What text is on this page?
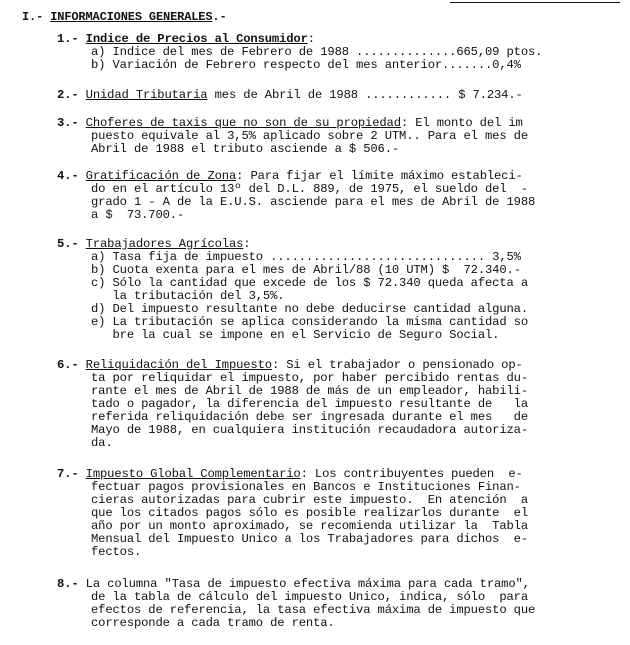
I.- INFORMACIONES GENERALES.-
1.- Indice de Precios al Consumidor:
a) Indice del mes de Febrero de 1988 ..............665,09 ptos.
b) Variación de Febrero respecto del mes anterior.......0,4%
2.- Unidad Tributaria mes de Abril de 1988 ............ $ 7.234.-
3.- Choferes de taxis que no son de su propiedad: El monto del im
puesto equivale al 3,5% aplicado sobre 2 UTM.. Para el mes de
Abril de 1988 el tributo asciende a $ 506.-
4.- Gratificación de Zona: Para fijar el límite máximo estableci-
do en el artículo 13º del D.L. 889, de 1975, el sueldo del  -
grado 1 - A de la E.U.S. asciende para el mes de Abril de 1988
a $  73.700.-
5.- Trabajadores Agrícolas:
a) Tasa fija de impuesto .............................. 3,5%
b) Cuota exenta para el mes de Abril/88 (10 UTM) $  72.340.-
c) Sólo la cantidad que excede de los $ 72.340 queda afecta a
la tributación del 3,5%.
d) Del impuesto resultante no debe deducirse cantidad alguna.
e) La tributación se aplica considerando la misma cantidad so
bre la cual se impone en el Servicio de Seguro Social.
6.- Reliquidación del Impuesto: Si el trabajador o pensionado op-
ta por reliquidar el impuesto, por haber percibido rentas du-
rante el mes de Abril de 1988 de más de un empleador, habili-
tado o pagador, la diferencia del impuesto resultante de   la
referida reliquidación debe ser ingresada durante el mes   de
Mayo de 1988, en cualquiera institución recaudadora autoriza-
da.
7.- Impuesto Global Complementario: Los contribuyentes pueden  e-
fectuar pagos provisionales en Bancos e Instituciones Finan-
cieras autorizadas para cubrir este impuesto.  En atención  a
que los citados pagos sólo es posible realizarlos durante  el
año por un monto aproximado, se recomienda utilizar la  Tabla
Mensual del Impuesto Unico a los Trabajadores para dichos  e-
fectos.
8.- La columna "Tasa de impuesto efectiva máxima para cada tramo",
de la tabla de cálculo del impuesto Unico, indica, sólo  para
efectos de referencia, la tasa efectiva máxima de impuesto que
corresponde a cada tramo de renta.
